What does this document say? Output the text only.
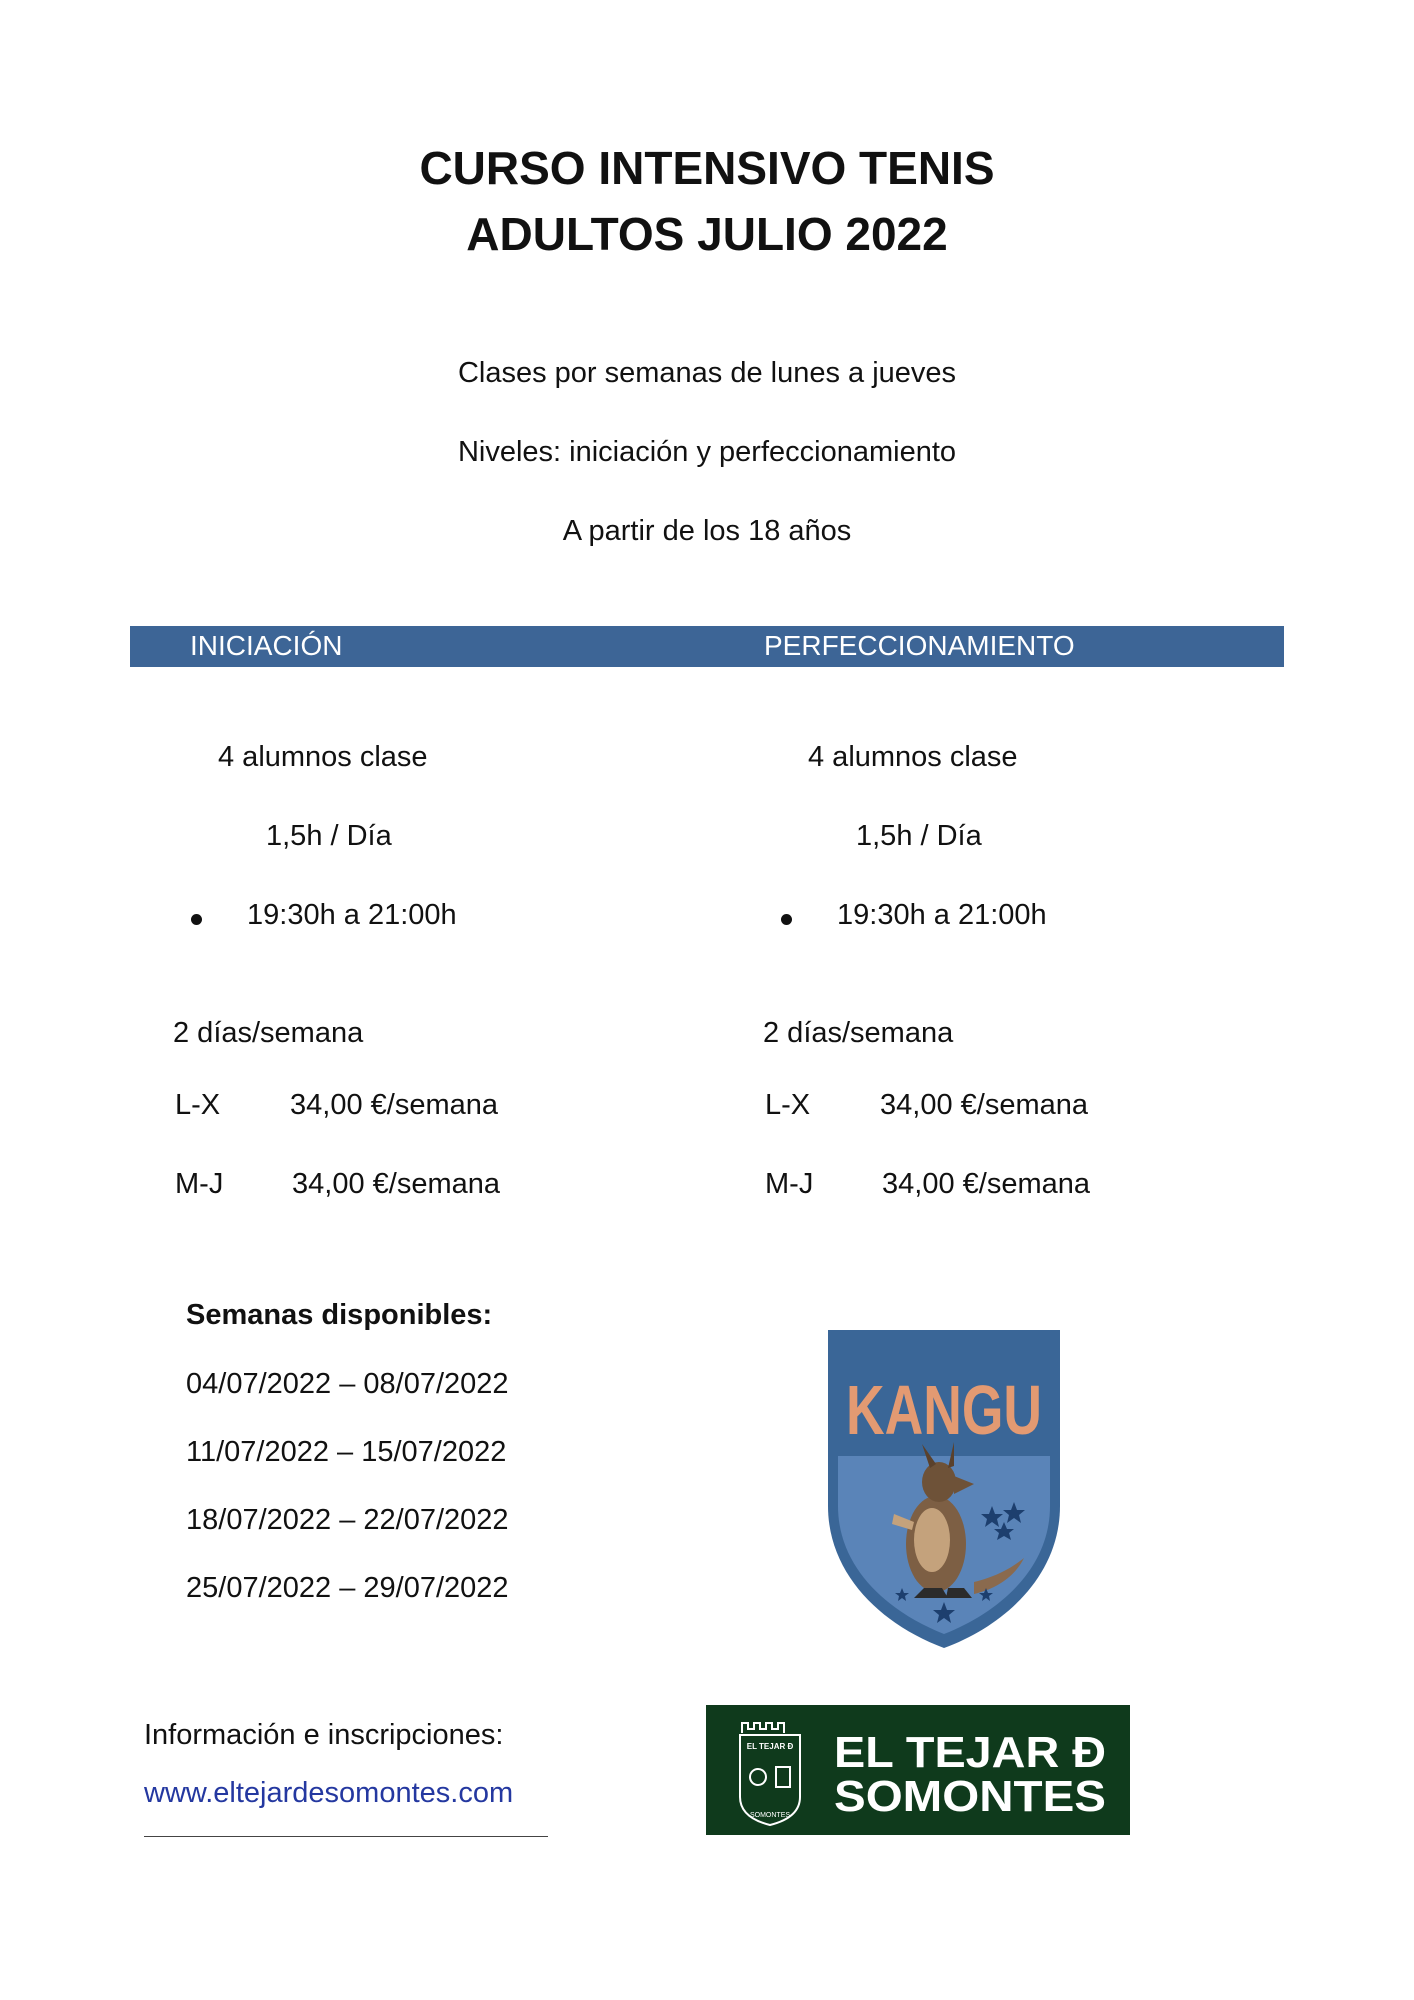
CURSO INTENSIVO TENIS
ADULTOS JULIO 2022
Clases por semanas de lunes a jueves
Niveles: iniciación y perfeccionamiento
A partir de los 18 años
INICIACIÓN	PERFECCIONAMIENTO
4 alumnos clase
1,5h / Día
19:30h a 21:00h
2 días/semana
L-X 34,00 €/semana
M-J 34,00 €/semana
4 alumnos clase
1,5h / Día
19:30h a 21:00h
2 días/semana
L-X 34,00 €/semana
M-J 34,00 €/semana
Semanas disponibles:
04/07/2022 – 08/07/2022
11/07/2022 – 15/07/2022
18/07/2022 – 22/07/2022
25/07/2022 – 29/07/2022
Información e inscripciones:
www.eltejardesomontes.com
KANGU
EL TEJAR Đ
SOMONTES
EL TEJAR Đ
SOMONTES
